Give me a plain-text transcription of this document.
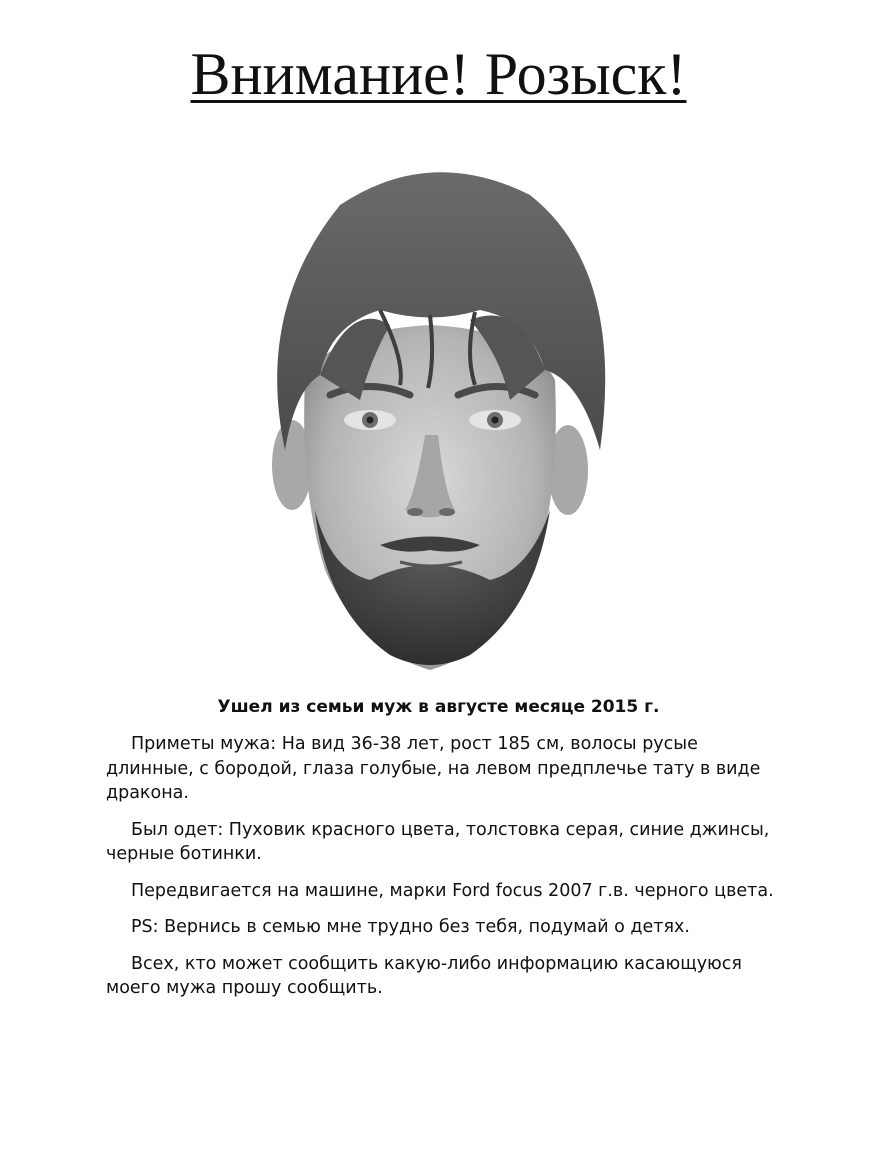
Внимание! Розыск!
Ушел из семьи муж в августе месяце 2015 г.

Приметы мужа: На вид 36-38 лет, рост 185 см, волосы русые длинные, с бородой, глаза голубые, на левом предплечье тату в виде дракона.

Был одет: Пуховик красного цвета, толстовка серая, синие джинсы, черные ботинки.

Передвигается на машине, марки Ford focus 2007 г.в. черного цвета.

PS: Вернись в семью мне трудно без тебя, подумай о детях.

Всех, кто может сообщить какую-либо информацию касающуюся моего мужа прошу сообщить.
